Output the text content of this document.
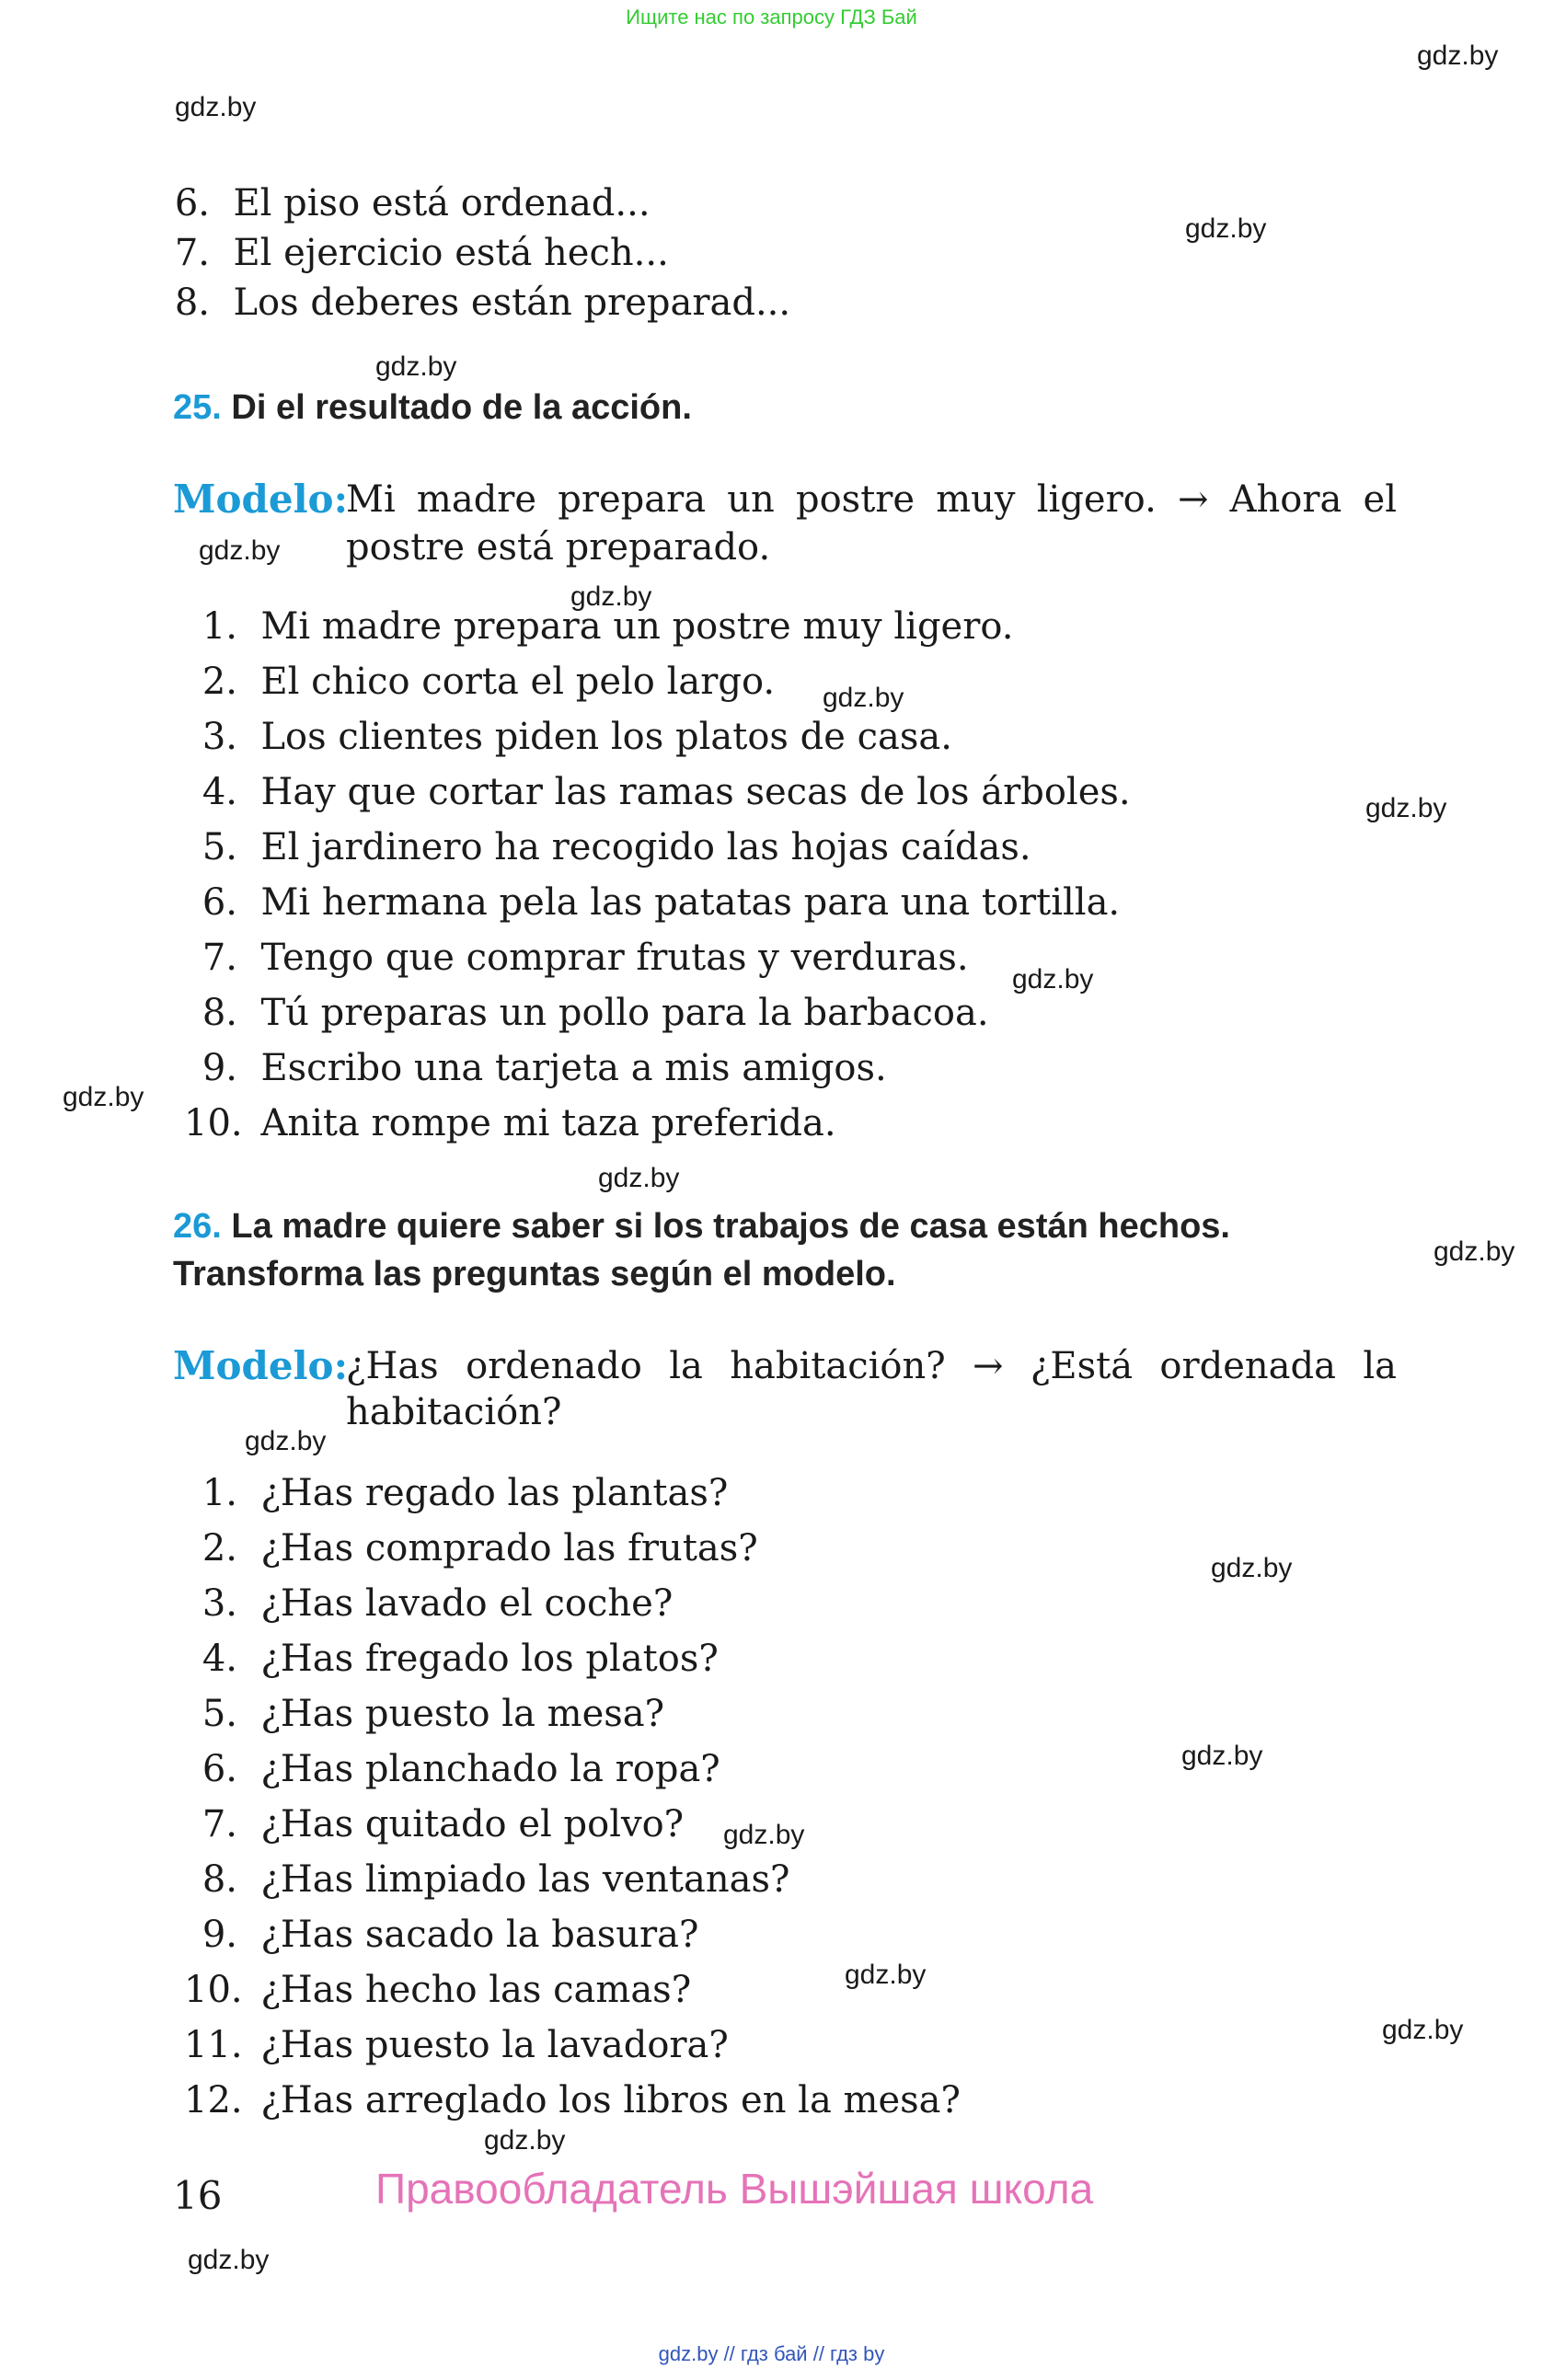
Ищите нас по запросу ГДЗ Бай
gdz.by
gdz.by
gdz.by
gdz.by
gdz.by
gdz.by
gdz.by
gdz.by
gdz.by
gdz.by
gdz.by
gdz.by
gdz.by
gdz.by
gdz.by
gdz.by
gdz.by
gdz.by
gdz.by
gdz.by
6. El piso está ordenad...
7. El ejercicio está hech...
8. Los deberes están preparad...
25. Di el resultado de la acción.
Modelo:
Mi madre prepara un postre muy ligero. → Ahora el
postre está preparado.
1. Mi madre prepara un postre muy ligero.
2. El chico corta el pelo largo.
3. Los clientes piden los platos de casa.
4. Hay que cortar las ramas secas de los árboles.
5. El jardinero ha recogido las hojas caídas.
6. Mi hermana pela las patatas para una tortilla.
7. Tengo que comprar frutas y verduras.
8. Tú preparas un pollo para la barbacoa.
9. Escribo una tarjeta a mis amigos.
10. Anita rompe mi taza preferida.
26. La madre quiere saber si los trabajos de casa están hechos.
Transforma las preguntas según el modelo.
Modelo:
¿Has ordenado la habitación? → ¿Está ordenada la
habitación?
1. ¿Has regado las plantas?
2. ¿Has comprado las frutas?
3. ¿Has lavado el coche?
4. ¿Has fregado los platos?
5. ¿Has puesto la mesa?
6. ¿Has planchado la ropa?
7. ¿Has quitado el polvo?
8. ¿Has limpiado las ventanas?
9. ¿Has sacado la basura?
10. ¿Has hecho las camas?
11. ¿Has puesto la lavadora?
12. ¿Has arreglado los libros en la mesa?
16	Правообладатель Вышэйшая школа
gdz.by // гдз бай // гдз by
